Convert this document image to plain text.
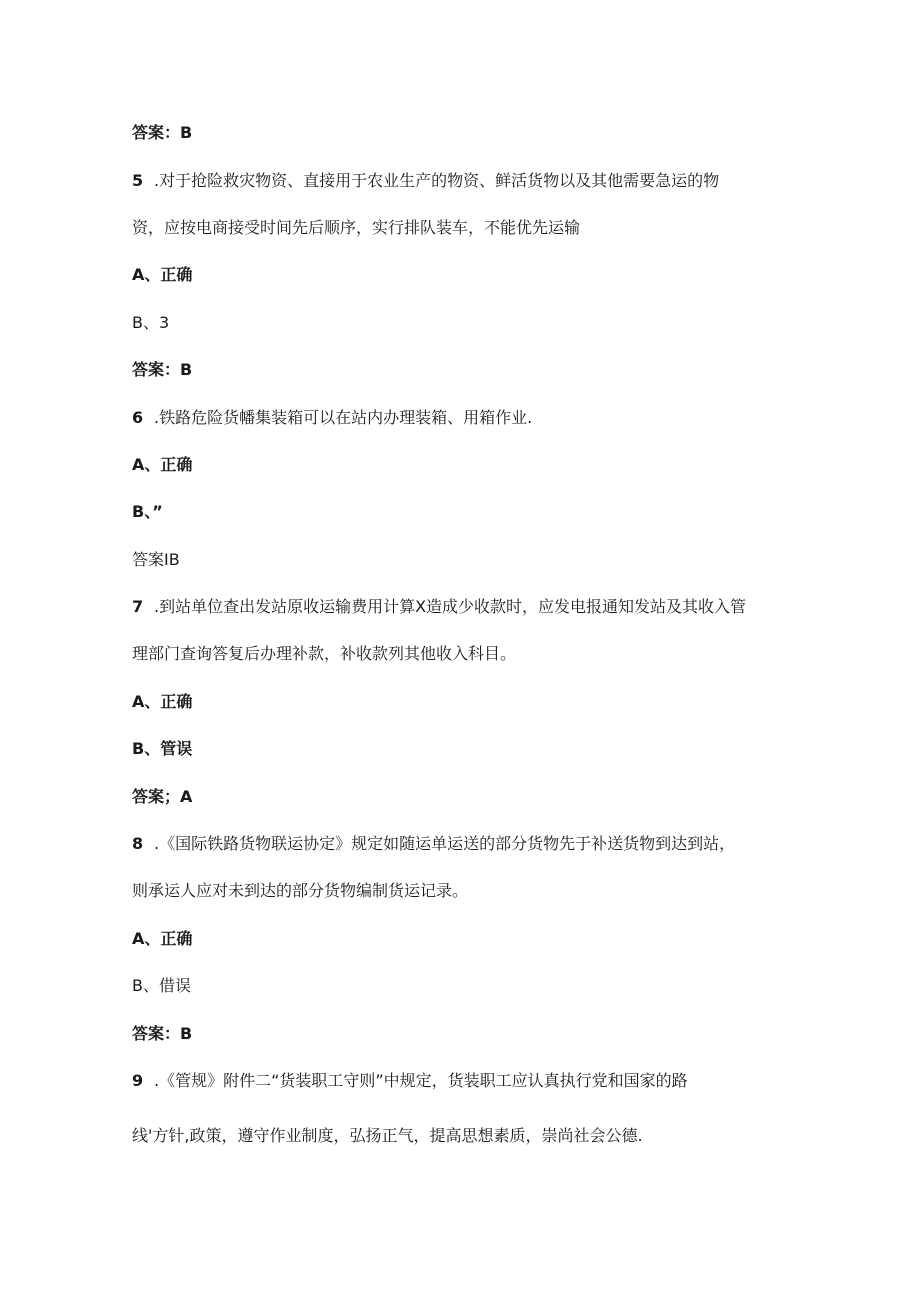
答案：B
5 .对于抢险救灾物资、直接用于农业生产的物资、鲜活货物以及其他需要急运的物
资，应按电商接受时间先后顺序，实行排队装车，不能优先运输
A、正确
B、3
答案：B
6 .铁路危险货幡集装箱可以在站内办理装箱、用箱作业.
A、正确
B、”
答案IB
7 .到站单位查出发站原收运输费用计算X造成少收款时，应发电报通知发站及其收入管
理部门查询答复后办理补款，补收款列其他收入科目。
A、正确
B、管误
答案；A
8 .《国际铁路货物联运协定》规定如随运单运送的部分货物先于补送货物到达到站，
则承运人应对未到达的部分货物编制货运记录。
A、正确
B、借误
答案：B
9 .《管规》附件二“货装职工守则”中规定，货装职工应认真执行党和国家的路
线'方针,政策，遵守作业制度，弘扬正气，提高思想素质，崇尚社会公德.
